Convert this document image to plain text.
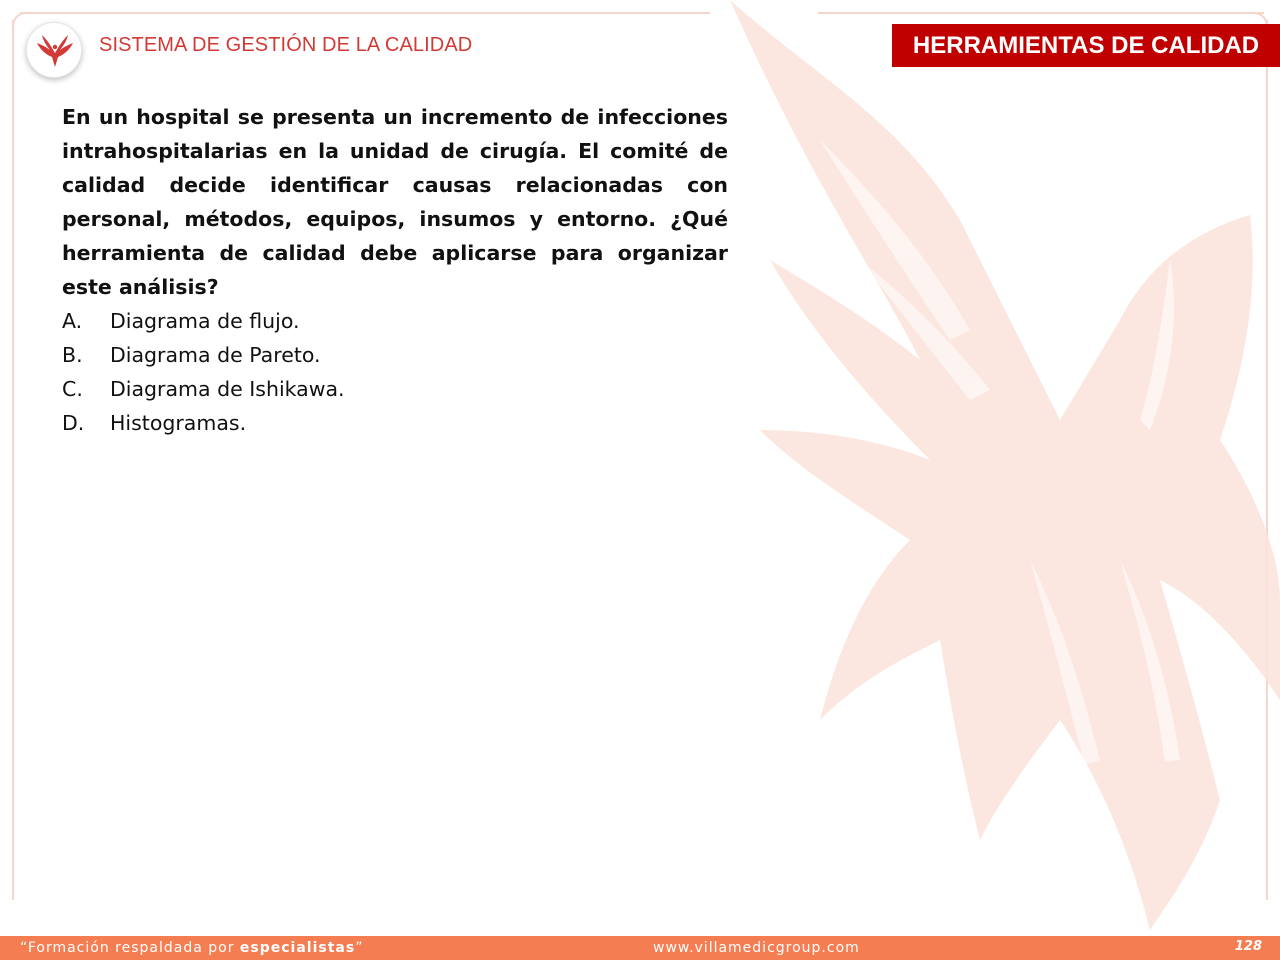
SISTEMA DE GESTIÓN DE LA CALIDAD	HERRAMIENTAS DE CALIDAD

En un hospital se presenta un incremento de infecciones intrahospitalarias en la unidad de cirugía. El comité de calidad decide identificar causas relacionadas con personal, métodos, equipos, insumos y entorno. ¿Qué herramienta de calidad debe aplicarse para organizar este análisis?

A.	Diagrama de flujo.
B.	Diagrama de Pareto.
C.	Diagrama de Ishikawa.
D.	Histogramas.
“Formación respaldada por especialistas”	www.villamedicgroup.com	128
